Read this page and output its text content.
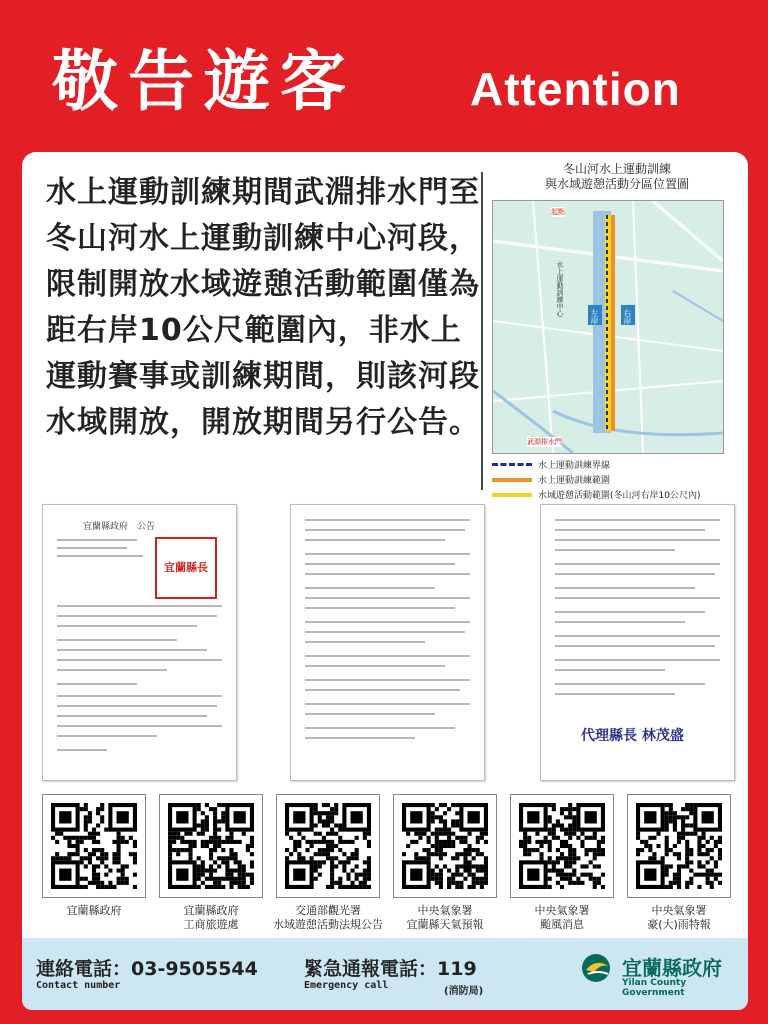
敬告遊客 Attention
水上運動訓練期間武淵排水門至冬山河水上運動訓練中心河段，限制開放水域遊憩活動範圍僅為距右岸10公尺範圍內，非水上運動賽事或訓練期間，則該河段水域開放，開放期間另行公告。
冬山河水上運動訓練
與水域遊憩活動分區位置圖
左岸	右岸
起點
武淵排水門
水上運動訓練中心
水上運動訓練界線
水上運動訓練範圍
水域遊憩活動範圍(冬山河右岸10公尺內)
宜蘭縣政府　公告
宜蘭縣長
代理縣長 林茂盛
宜蘭縣政府	宜蘭縣政府
工商旅遊處
交通部觀光署
水域遊憩活動法規公告
中央氣象署
宜蘭縣天氣預報
中央氣象署
颱風消息
中央氣象署
豪(大)雨特報
連絡電話：03-9505544
Contact number
緊急通報電話：119
Emergency call
(消防局)
宜蘭縣政府
Yilan County Government
